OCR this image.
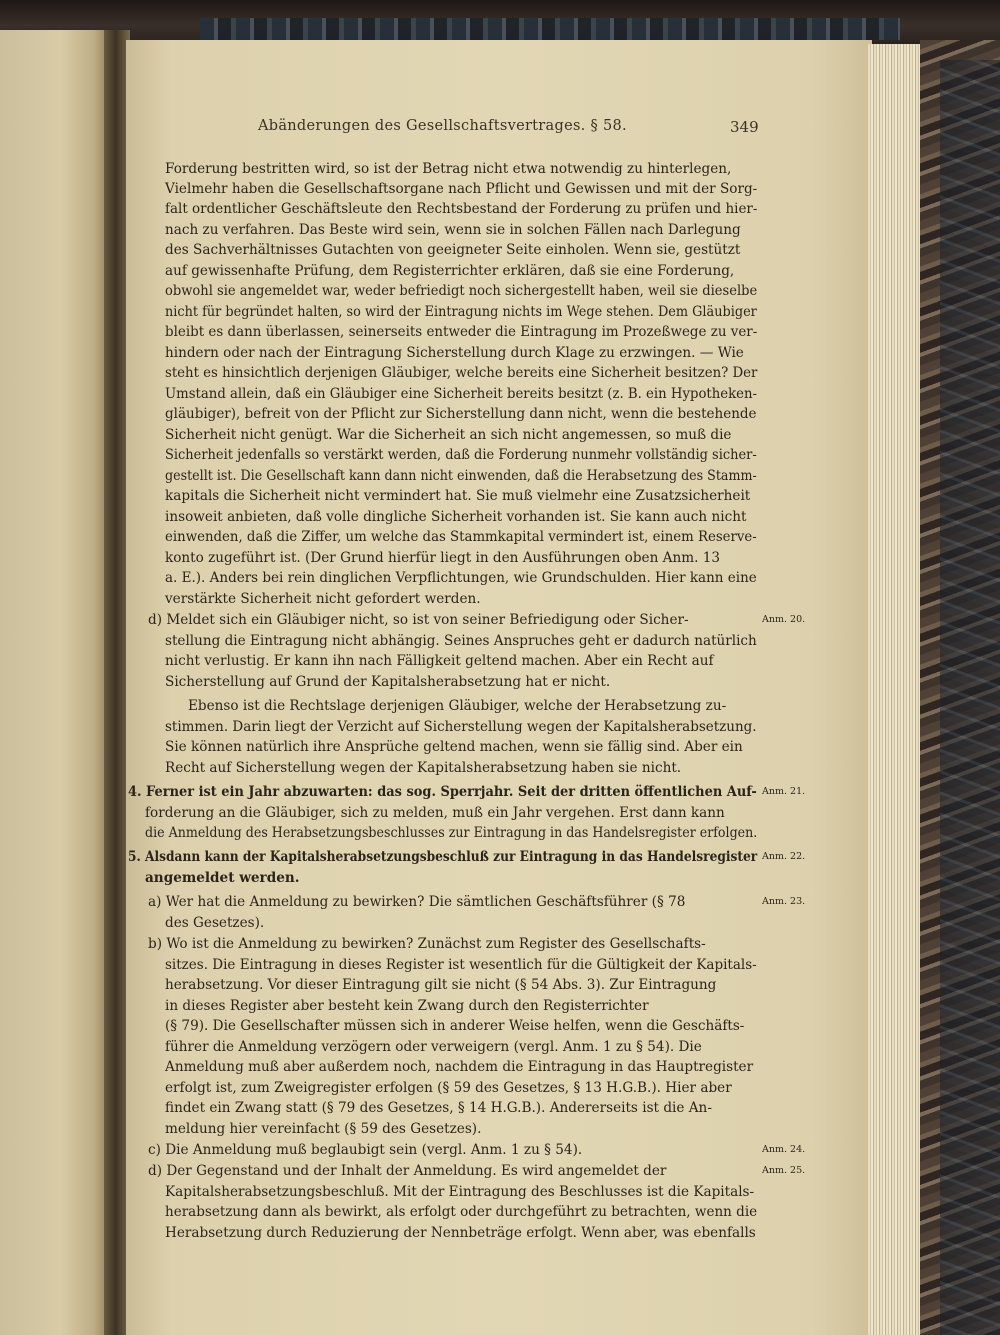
Abänderungen des Gesellschaftsvertrages. § 58.	349
Forderung bestritten wird, so ist der Betrag nicht etwa notwendig zu hinterlegen,
Vielmehr haben die Gesellschaftsorgane nach Pflicht und Gewissen und mit der Sorg-
falt ordentlicher Geschäftsleute den Rechtsbestand der Forderung zu prüfen und hier-
nach zu verfahren. Das Beste wird sein, wenn sie in solchen Fällen nach Darlegung
des Sachverhältnisses Gutachten von geeigneter Seite einholen. Wenn sie, gestützt
auf gewissenhafte Prüfung, dem Registerrichter erklären, daß sie eine Forderung,
obwohl sie angemeldet war, weder befriedigt noch sichergestellt haben, weil sie dieselbe
nicht für begründet halten, so wird der Eintragung nichts im Wege stehen. Dem Gläubiger
bleibt es dann überlassen, seinerseits entweder die Eintragung im Prozeßwege zu ver-
hindern oder nach der Eintragung Sicherstellung durch Klage zu erzwingen. — Wie
steht es hinsichtlich derjenigen Gläubiger, welche bereits eine Sicherheit besitzen? Der
Umstand allein, daß ein Gläubiger eine Sicherheit bereits besitzt (z. B. ein Hypotheken-
gläubiger), befreit von der Pflicht zur Sicherstellung dann nicht, wenn die bestehende
Sicherheit nicht genügt. War die Sicherheit an sich nicht angemessen, so muß die
Sicherheit jedenfalls so verstärkt werden, daß die Forderung nunmehr vollständig sicher-
gestellt ist. Die Gesellschaft kann dann nicht einwenden, daß die Herabsetzung des Stamm-
kapitals die Sicherheit nicht vermindert hat. Sie muß vielmehr eine Zusatzsicherheit
insoweit anbieten, daß volle dingliche Sicherheit vorhanden ist. Sie kann auch nicht
einwenden, daß die Ziffer, um welche das Stammkapital vermindert ist, einem Reserve-
konto zugeführt ist. (Der Grund hierfür liegt in den Ausführungen oben Anm. 13
a. E.). Anders bei rein dinglichen Verpflichtungen, wie Grundschulden. Hier kann eine
verstärkte Sicherheit nicht gefordert werden.
d) Meldet sich ein Gläubiger nicht, so ist von seiner Befriedigung oder Sicher-
stellung die Eintragung nicht abhängig. Seines Anspruches geht er dadurch natürlich
nicht verlustig. Er kann ihn nach Fälligkeit geltend machen. Aber ein Recht auf
Sicherstellung auf Grund der Kapitalsherabsetzung hat er nicht.
Ebenso ist die Rechtslage derjenigen Gläubiger, welche der Herabsetzung zu-
stimmen. Darin liegt der Verzicht auf Sicherstellung wegen der Kapitalsherabsetzung.
Sie können natürlich ihre Ansprüche geltend machen, wenn sie fällig sind. Aber ein
Recht auf Sicherstellung wegen der Kapitalsherabsetzung haben sie nicht.
4. Ferner ist ein Jahr abzuwarten: das sog. Sperrjahr. Seit der dritten öffentlichen Auf-
forderung an die Gläubiger, sich zu melden, muß ein Jahr vergehen. Erst dann kann
die Anmeldung des Herabsetzungsbeschlusses zur Eintragung in das Handelsregister erfolgen.
5. Alsdann kann der Kapitalsherabsetzungsbeschluß zur Eintragung in das Handelsregister
angemeldet werden.
a) Wer hat die Anmeldung zu bewirken? Die sämtlichen Geschäftsführer (§ 78
des Gesetzes).
b) Wo ist die Anmeldung zu bewirken? Zunächst zum Register des Gesellschafts-
sitzes. Die Eintragung in dieses Register ist wesentlich für die Gültigkeit der Kapitals-
herabsetzung. Vor dieser Eintragung gilt sie nicht (§ 54 Abs. 3). Zur Eintragung
in dieses Register aber besteht kein Zwang durch den Registerrichter
(§ 79). Die Gesellschafter müssen sich in anderer Weise helfen, wenn die Geschäfts-
führer die Anmeldung verzögern oder verweigern (vergl. Anm. 1 zu § 54). Die
Anmeldung muß aber außerdem noch, nachdem die Eintragung in das Hauptregister
erfolgt ist, zum Zweigregister erfolgen (§ 59 des Gesetzes, § 13 H.G.B.). Hier aber
findet ein Zwang statt (§ 79 des Gesetzes, § 14 H.G.B.). Andererseits ist die An-
meldung hier vereinfacht (§ 59 des Gesetzes).
c) Die Anmeldung muß beglaubigt sein (vergl. Anm. 1 zu § 54).
d) Der Gegenstand und der Inhalt der Anmeldung. Es wird angemeldet der
Kapitalsherabsetzungsbeschluß. Mit der Eintragung des Beschlusses ist die Kapitals-
herabsetzung dann als bewirkt, als erfolgt oder durchgeführt zu betrachten, wenn die
Herabsetzung durch Reduzierung der Nennbeträge erfolgt. Wenn aber, was ebenfalls
Anm. 20.
Anm. 21.
Anm. 22.
Anm. 23.
Anm. 24.
Anm. 25.
